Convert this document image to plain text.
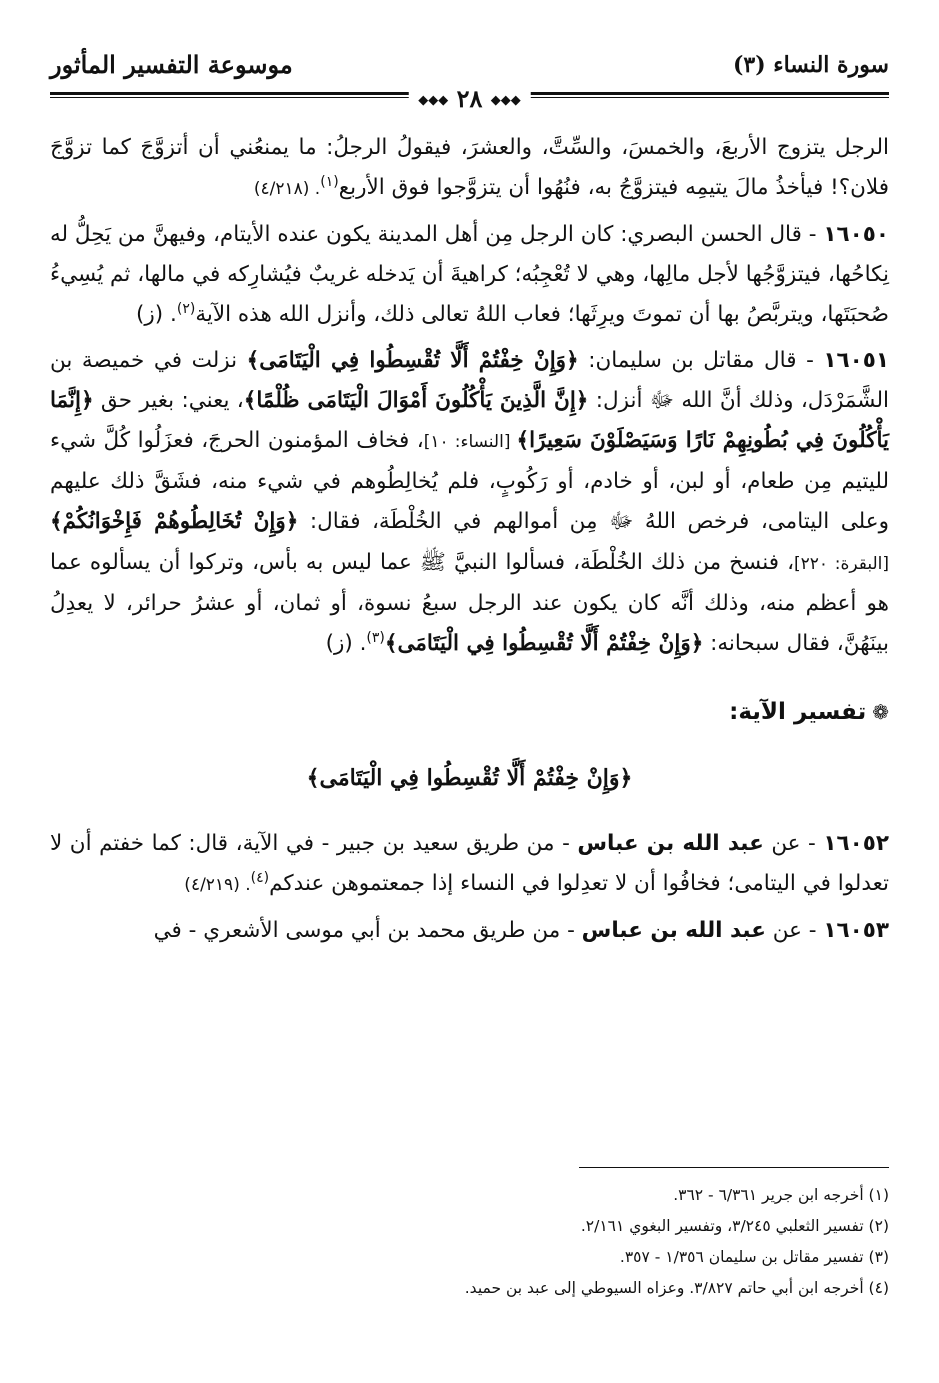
سورة النساء (٣)
موسوعة التفسير المأثور
◆◆◆ ٢٨ ◆◆◆

الرجل يتزوج الأربعَ، والخمسَ، والسِّتَّ، والعشرَ، فيقولُ الرجلُ: ما يمنعُني أن أتزوَّجَ كما تزوَّجَ فلان؟! فيأخذُ مالَ يتيمِه فيتزوَّجُ به، فنُهُوا أن يتزوَّجوا فوق الأربع$^{(١)}$. (٤/٢١٨)

١٦٠٥٠ - قال الحسن البصري: كان الرجل مِن أهل المدينة يكون عنده الأيتام، وفيهنَّ من يَحِلُّ له نِكاحُها، فيتزوَّجُها لأجل مالِها، وهي لا تُعْجِبُه؛ كراهيةَ أن يَدخله غريبٌ فيُشارِكه في مالها، ثم يُسِيءُ صُحبَتَها، ويتربَّصُ بها أن تموتَ ويرِثَها؛ فعاب اللهُ تعالى ذلك، وأنزل الله هذه الآية$^{(٢)}$. (ز)

١٦٠٥١ - قال مقاتل بن سليمان: ﴿وَإِنْ خِفْتُمْ أَلَّا تُقْسِطُوا فِي الْيَتَامَى﴾ نزلت في خميصة بن الشَّمَرْدَل، وذلك أنَّ الله ﷻ أنزل: ﴿إِنَّ الَّذِينَ يَأْكُلُونَ أَمْوَالَ الْيَتَامَى ظُلْمًا﴾، يعني: بغير حق ﴿إِنَّمَا يَأْكُلُونَ فِي بُطُونِهِمْ نَارًا وَسَيَصْلَوْنَ سَعِيرًا﴾ [النساء: ١٠]، فخاف المؤمنون الحرجَ، فعزَلُوا كُلَّ شيء لليتيم مِن طعام، أو لبن، أو خادم، أو رَكُوبٍ، فلم يُخالِطُوهم في شيء منه، فشَقَّ ذلك عليهم وعلى اليتامى، فرخص اللهُ ﷻ مِن أموالهم في الخُلْطَة، فقال: ﴿وَإِنْ تُخَالِطُوهُمْ فَإِخْوَانُكُمْ﴾ [البقرة: ٢٢٠]، فنسخ من ذلك الخُلْطَة، فسألوا النبيَّ ﷺ عما ليس به بأس، وتركوا أن يسألوه عما هو أعظم منه، وذلك أنَّه كان يكون عند الرجل سبعُ نسوة، أو ثمان، أو عشرُ حرائر، لا يعدِلُ بينَهُنَّ، فقال سبحانه: ﴿وَإِنْ خِفْتُمْ أَلَّا تُقْسِطُوا فِي الْيَتَامَى﴾$^{(٣)}$. (ز)

❁تفسير الآية:
﴿وَإِنْ خِفْتُمْ أَلَّا تُقْسِطُوا فِي الْيَتَامَى﴾

١٦٠٥٢ - عن عبد الله بن عباس - من طريق سعيد بن جبير - في الآية، قال: كما خفتم أن لا تعدلوا في اليتامى؛ فخافُوا أن لا تعدِلوا في النساء إذا جمعتموهن عندكم$^{(٤)}$. (٤/٢١٩)

١٦٠٥٣ - عن عبد الله بن عباس - من طريق محمد بن أبي موسى الأشعري - في

(١) أخرجه ابن جرير ٦/٣٦١ - ٣٦٢.
(٢) تفسير الثعلبي ٣/٢٤٥، وتفسير البغوي ٢/١٦١.
(٣) تفسير مقاتل بن سليمان ١/٣٥٦ - ٣٥٧.
(٤) أخرجه ابن أبي حاتم ٣/٨٢٧. وعزاه السيوطي إلى عبد بن حميد.
